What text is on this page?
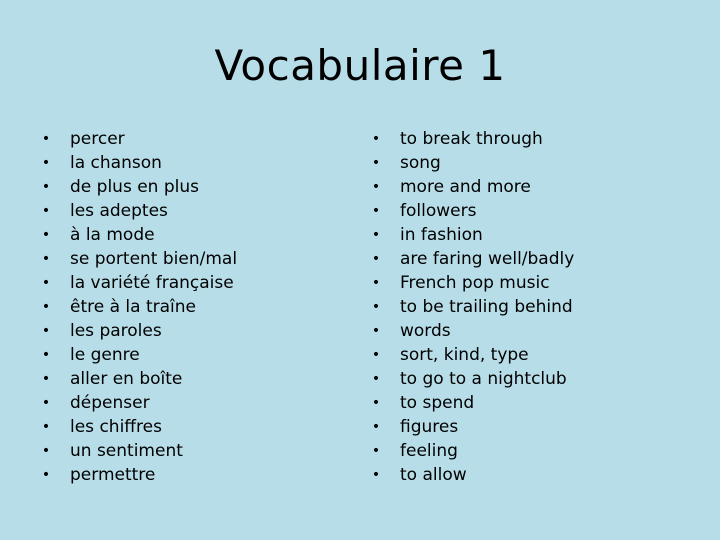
Vocabulaire 1
• percer
• la chanson
• de plus en plus
• les adeptes
• à la mode
• se portent bien/mal
• la variété française
• être à la traîne
• les paroles
• le genre
• aller en boîte
• dépenser
• les chiffres
• un sentiment
• permettre
• to break through
• song
• more and more
• followers
• in fashion
• are faring well/badly
• French pop music
• to be trailing behind
• words
• sort, kind, type
• to go to a nightclub
• to spend
• figures
• feeling
• to allow
